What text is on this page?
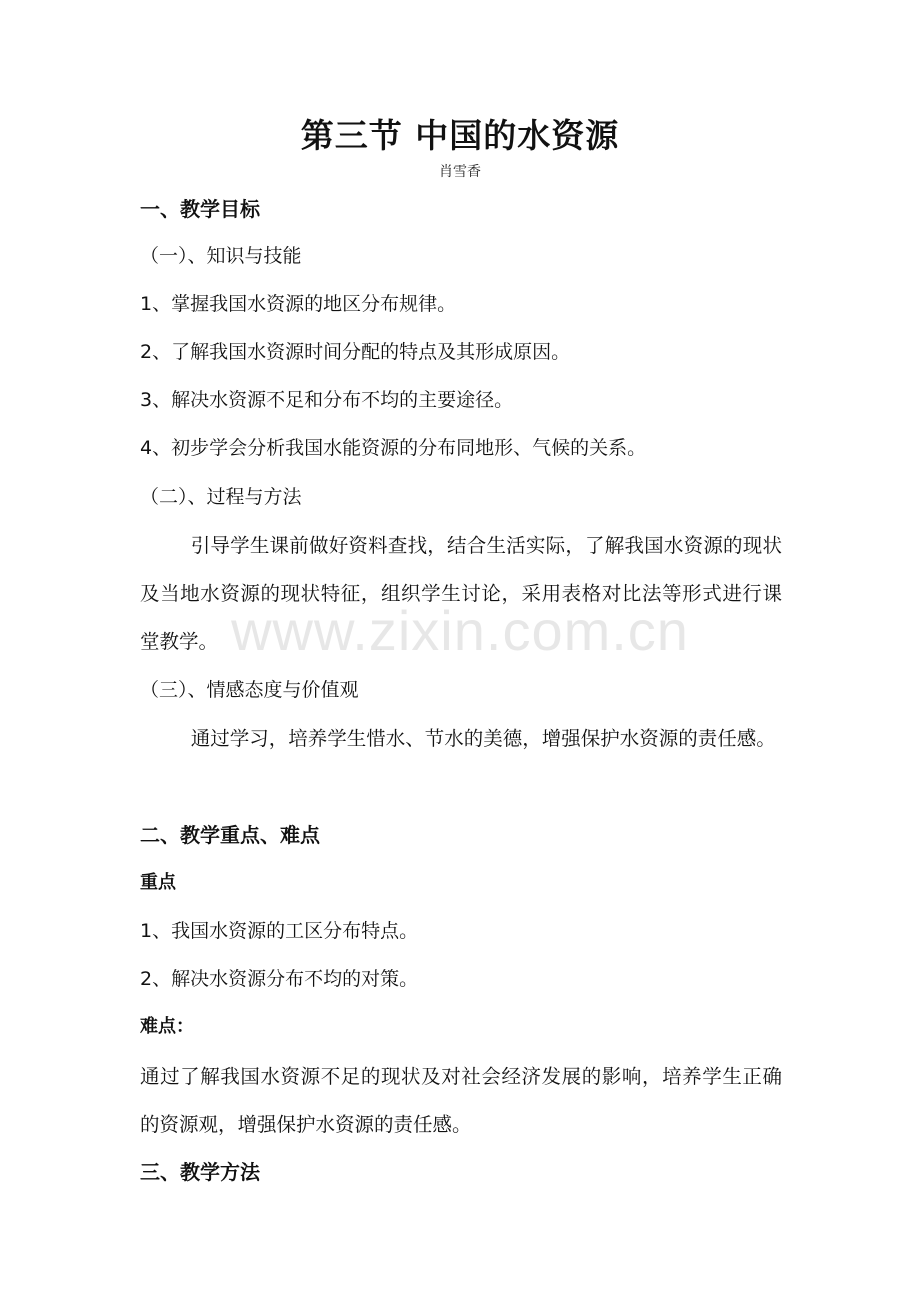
第三节 中国的水资源
肖雪香
一、教学目标
（一）、知识与技能
1、掌握我国水资源的地区分布规律。
2、了解我国水资源时间分配的特点及其形成原因。
3、解决水资源不足和分布不均的主要途径。
4、初步学会分析我国水能资源的分布同地形、气候的关系。
（二）、过程与方法

引导学生课前做好资料查找，结合生活实际，了解我国水资源的现状及当地水资源的现状特征，组织学生讨论，采用表格对比法等形式进行课堂教学。

（三）、情感态度与价值观

通过学习，培养学生惜水、节水的美德，增强保护水资源的责任感。

二、教学重点、难点
重点
1、我国水资源的工区分布特点。
2、解决水资源分布不均的对策。
难点：

通过了解我国水资源不足的现状及对社会经济发展的影响，培养学生正确的资源观，增强保护水资源的责任感。

三、教学方法
www.zixin.com.cn
